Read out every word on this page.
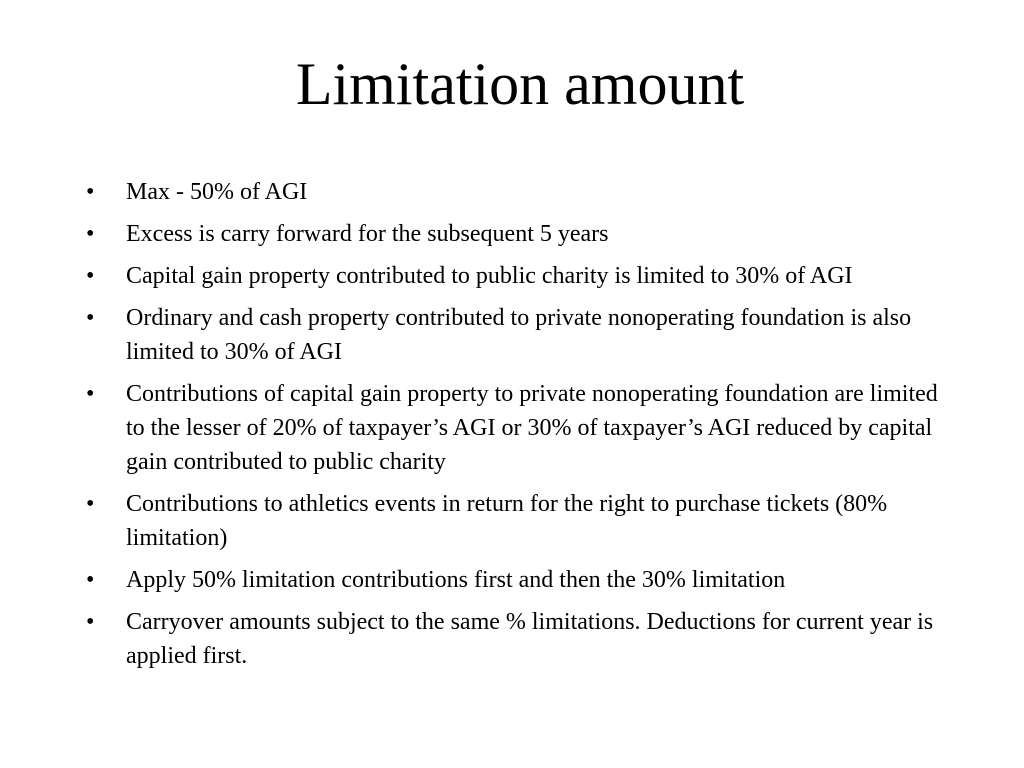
Limitation amount
•	Max - 50% of AGI
•	Excess is carry forward for the subsequent 5 years
•	Capital gain property contributed to public charity is limited to 30% of AGI
•	Ordinary and cash property contributed to private nonoperating foundation is also limited to 30% of AGI
•	Contributions of capital gain property to private nonoperating foundation are limited to the lesser of 20% of taxpayer’s AGI or 30% of taxpayer’s AGI reduced by capital gain contributed to public charity
•	Contributions to athletics events in return for the right to purchase tickets (80% limitation)
•	Apply 50% limitation contributions first and then the 30% limitation
•	Carryover amounts subject to the same % limitations. Deductions for current year is applied first.
